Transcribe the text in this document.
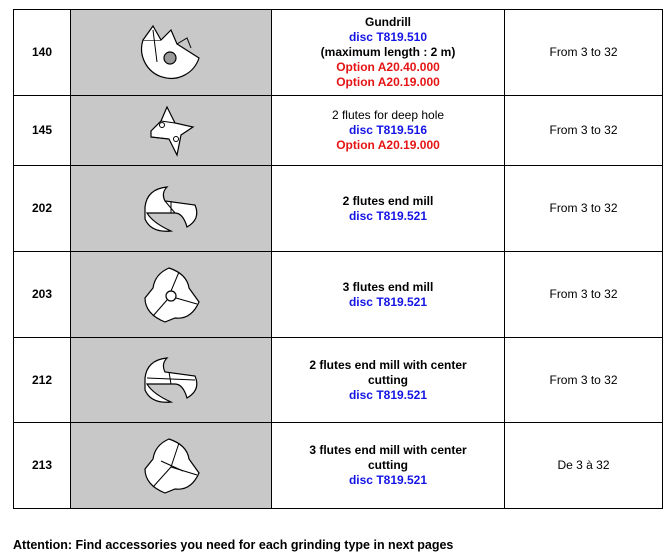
140		Gundrill
disc T819.510
(maximum length : 2 m)
Option A20.40.000
Option A20.19.000	From 3 to 32
145		2 flutes for deep hole
disc T819.516
Option A20.19.000	From 3 to 32
202		2 flutes end mill
disc T819.521	From 3 to 32
203		3 flutes end mill
disc T819.521	From 3 to 32
212		2 flutes end mill with center
cutting
disc T819.521	From 3 to 32
213		3 flutes end mill with center
cutting
disc T819.521	De 3 à 32
Attention: Find accessories you need for each grinding type in next pages
